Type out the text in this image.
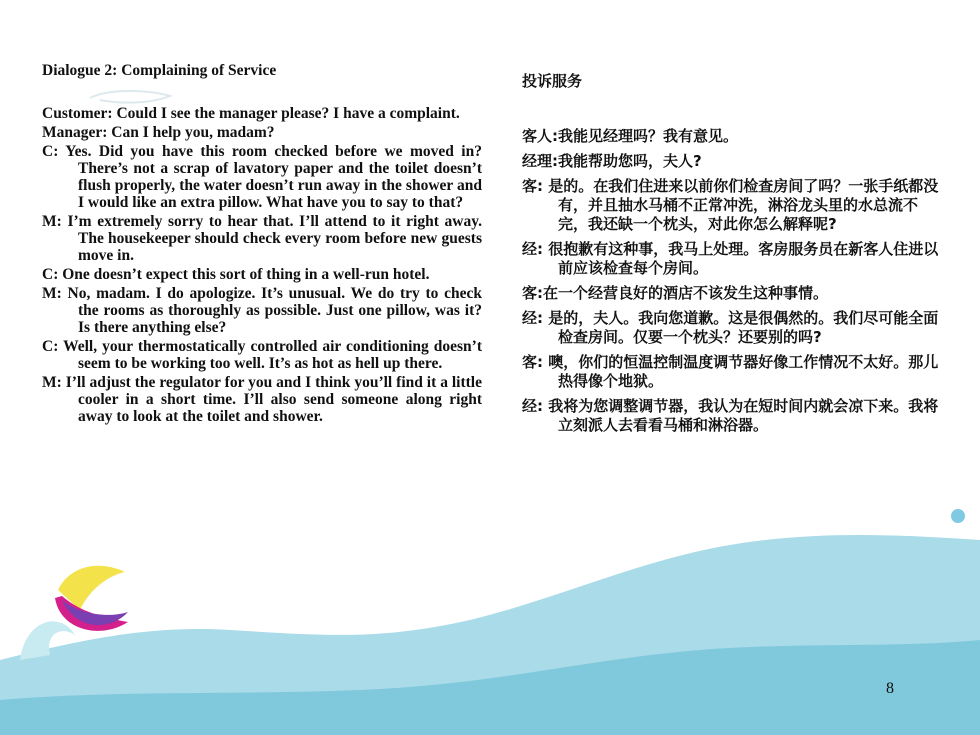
Dialogue 2: Complaining of Service

Customer: Could I see the manager please? I have a complaint.

Manager: Can I help you, madam?

C: Yes. Did you have this room checked before we moved in? There’s not a scrap of lavatory paper and the toilet doesn’t flush properly, the water doesn’t run away in the shower and I would like an extra pillow. What have you to say to that?

M: I’m extremely sorry to hear that. I’ll attend to it right away. The housekeeper should check every room before new guests move in.

C: One doesn’t expect this sort of thing in a well-run hotel.

M: No, madam. I do apologize. It’s unusual. We do try to check the rooms as thoroughly as possible. Just one pillow, was it? Is there anything else?

C: Well, your thermostatically controlled air conditioning doesn’t seem to be working too well. It’s as hot as hell up there.

M: I’ll adjust the regulator for you and I think you’ll find it a little cooler in a short time. I’ll also send someone along right away to look at the toilet and shower.

投诉服务

客人:我能见经理吗？我有意见。

经理:我能帮助您吗，夫人?

客: 是的。在我们住进来以前你们检查房间了吗？一张手纸都没有，并且抽水马桶不正常冲洗，淋浴龙头里的水总流不完，我还缺一个枕头，对此你怎么解释呢?

经: 很抱歉有这种事，我马上处理。客房服务员在新客人住进以前应该检查每个房间。

客:在一个经营良好的酒店不该发生这种事情。

经: 是的，夫人。我向您道歉。这是很偶然的。我们尽可能全面检查房间。仅要一个枕头？还要别的吗?

客: 噢，你们的恒温控制温度调节器好像工作情况不太好。那儿热得像个地狱。

经: 我将为您调整调节器，我认为在短时间内就会凉下来。我将立刻派人去看看马桶和淋浴器。

8
